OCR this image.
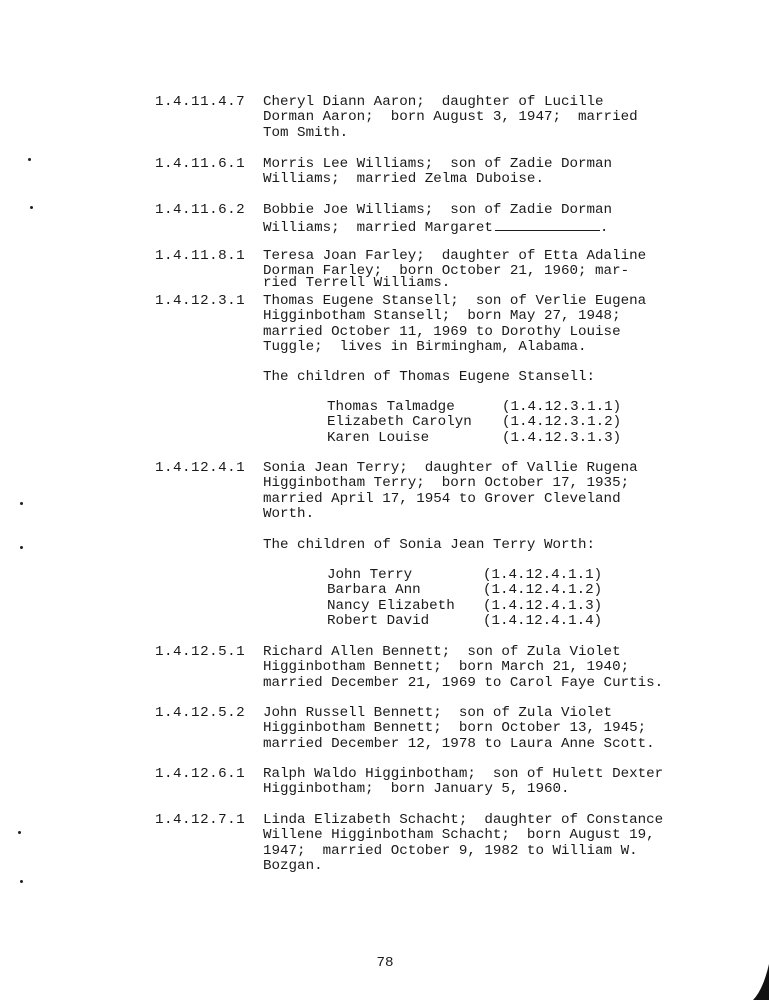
1.4.11.4.7	Cheryl Diann Aaron;  daughter of Lucille
Dorman Aaron;  born August 3, 1947;  married
Tom Smith.
1.4.11.6.1	Morris Lee Williams;  son of Zadie Dorman
Williams;  married Zelma Duboise.
1.4.11.6.2	Bobbie Joe Williams;  son of Zadie Dorman
Williams;  married Margaret	.
1.4.11.8.1	Teresa Joan Farley;  daughter of Etta Adaline
Dorman Farley;  born October 21, 1960; mar-
ried Terrell Williams.
1.4.12.3.1	Thomas Eugene Stansell;  son of Verlie Eugena
Higginbotham Stansell;  born May 27, 1948;
married October 11, 1969 to Dorothy Louise
Tuggle;  lives in Birmingham, Alabama.
The children of Thomas Eugene Stansell:
Thomas Talmadge	(1.4.12.3.1.1)
Elizabeth Carolyn (1.4.12.3.1.2)
Karen Louise	(1.4.12.3.1.3)
1.4.12.4.1	Sonia Jean Terry;  daughter of Vallie Rugena
Higginbotham Terry;  born October 17, 1935;
married April 17, 1954 to Grover Cleveland
Worth.
The children of Sonia Jean Terry Worth:
John Terry	(1.4.12.4.1.1)
Barbara Ann	(1.4.12.4.1.2)
Nancy Elizabeth (1.4.12.4.1.3)
Robert David	(1.4.12.4.1.4)
1.4.12.5.1	Richard Allen Bennett;  son of Zula Violet
Higginbotham Bennett;  born March 21, 1940;
married December 21, 1969 to Carol Faye Curtis.
1.4.12.5.2	John Russell Bennett;  son of Zula Violet
Higginbotham Bennett;  born October 13, 1945;
married December 12, 1978 to Laura Anne Scott.
1.4.12.6.1	Ralph Waldo Higginbotham;  son of Hulett Dexter
Higginbotham;  born January 5, 1960.
1.4.12.7.1	Linda Elizabeth Schacht;  daughter of Constance
Willene Higginbotham Schacht;  born August 19,
1947;  married October 9, 1982 to William W.
Bozgan.
78
